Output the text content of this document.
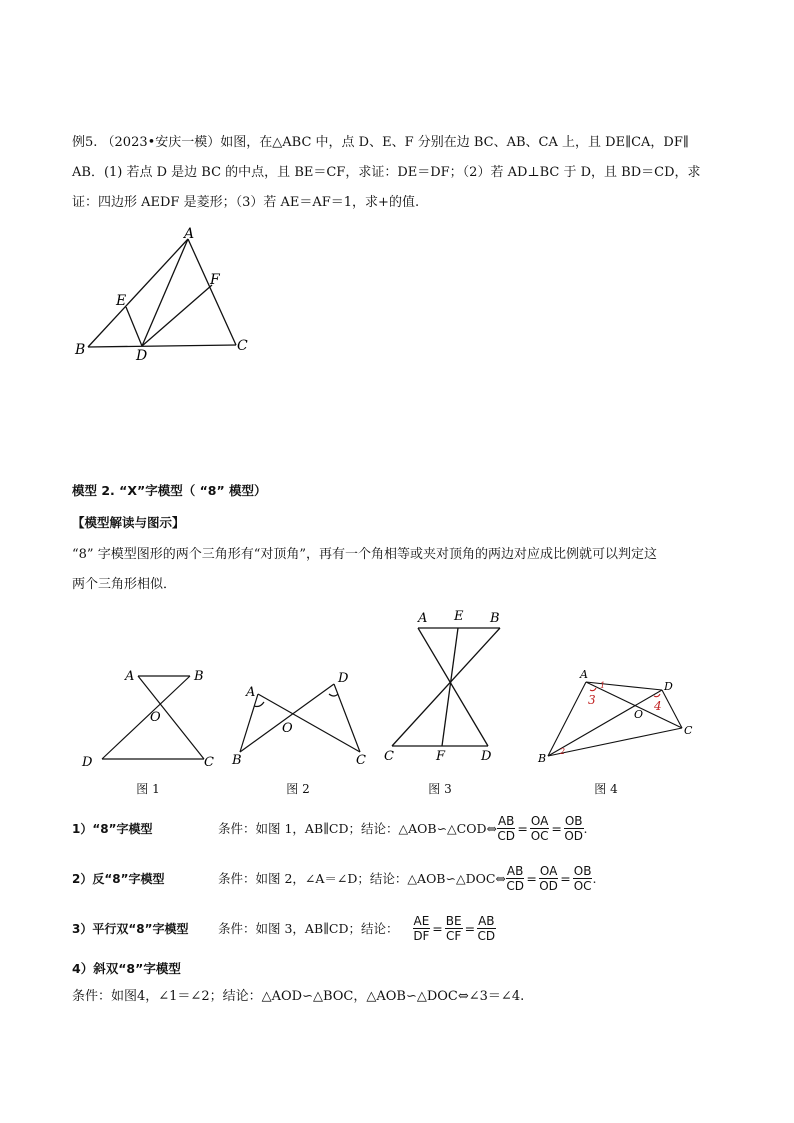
例5. （2023•安庆一模）如图，在△ABC 中，点 D、E、F 分别在边 BC、AB、CA 上，且 DE∥CA，DF∥
AB．(1) 若点 D 是边 BC 的中点，且 BE＝CF，求证：DE＝DF；（2）若 AD⊥BC 于 D，且 BD＝CD，求
证：四边形 AEDF 是菱形；（3）若 AE＝AF＝1，求+的值.
A
E
F
B	D
C
模型 2. “X”字模型（ “8” 模型）
【模型解读与图示】
“8” 字模型图形的两个三角形有“对顶角”，再有一个角相等或夹对顶角的两边对应成比例就可以判定这
两个三角形相似．
A	B
O
D	C
图 1
A
D
O
B	C
图 2
A E B
C	F	D
图 3
A
D
O
B
C
3	4
1
2
图 4
1）“8”字模型	条件：如图 1，AB∥CD；结论：△AOB∽△COD⇔ $\frac{AB}{CD} = \frac{OA}{OC} = \frac{OB}{OD}$ .
2）反“8”字模型	条件：如图 2，∠A＝∠D；结论：△AOB∽△DOC⇔ $\frac{AB}{CD} = \frac{OA}{OD} = \frac{OB}{OC}$ .
3）平行双“8”字模型	条件：如图 3，AB∥CD；结论： $\frac{AE}{DF} = \frac{BE}{CF} = \frac{AB}{CD}$
4）斜双“8”字模型
条件：如图4，∠1＝∠2；结论：△AOD∽△BOC，△AOB∽△DOC⇔∠3＝∠4.
